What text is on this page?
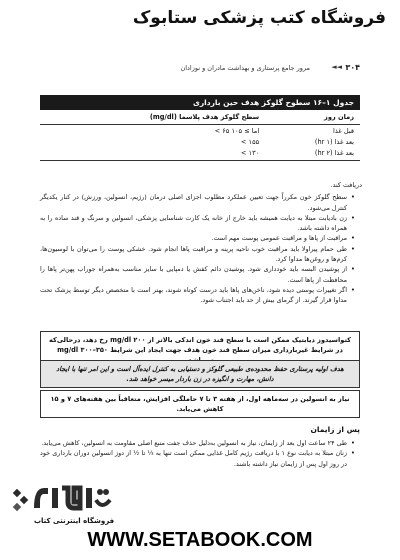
فروشگاه کتب پزشکی ستابوک
۳۰۴
◄◄
مرور جامع پرستاری و بهداشت مادران و نوزادان
جدول ۱–۱۶ سطوح گلوکز هدف حین بارداری
زمان روز	سطح گلوکز هدف پلاسما (mg/dl)
قبل غذا	< ۶۵ اما ≥ ۱۰۵
بعد غذا (۱ hr)	< ۱۵۵
بعد غذا (۲ hr)	< ۱۳۰
دریافت کند.
• سطح گلوکز خون مکرراً جهت تعیین عملکرد مطلوب اجزای اصلی درمان (رژیم، انسولین، ورزش) در کنار یکدیگر کنترل می‌شود.
• زن بادیابت مبتلا به دیابت همیشه باید خارج از خانه یک کارت شناسایی پزشکی، انسولین و سرنگ و قند ساده را به همراه داشته باشد.
• مراقبت از پاها و مراقبت عمومی پوست مهم است.
• طی حمام پیراولا باید مراقبت خوب ناحیه پرینه و مراقبت پاها انجام شود. خشکی پوست را می‌توان با لوسیون‌ها، کرم‌ها و روغن‌ها مداوا کرد.
• از پوشیدن البسه باید خودداری شود. پوشیدن دائم کفش یا دمپایی با سایز مناسب به‌همراه جوراب پهن‌تر پاها را محافظت از پاها است.
• اگر تغییرات پوستی دیده شود، ناخن‌های پاها باید درست کوتاه شوند، بهتر است با متخصص دیگر توسط پزشک تحت مداوا قرار گیرند. از گرمای بیش از حد باید اجتناب شود.
کتواسیدوز دیابتیک ممکن است با سطح قند خون اندکی بالاتر از ۲۰۰ mg/dl رخ دهد، درحالی‌که در شرایط غیربارداری میزان سطح قند خون هدف جهت ایجاد این شرایط ۳۵۰–۳۰۰ mg/dl
هدف اولیه پرستاری حفظ محدوده‌ی طبیعی گلوکز و دستیابی به کنترل ایده‌آل است و این امر تنها با ایجاد دانش، مهارت و انگیزه در زن باردار میسر خواهد شد.
نیاز به انسولین در سه‌ماهه اول، از هفته ۳ تا ۷ حاملگی افزایش، متعاقباً بین هفته‌های ۷ و ۱۵ کاهش می‌یابد.
پس از زایمان
• طی ۲۴ ساعت اول بعد از زایمان، نیاز به انسولین به‌دلیل حذف جفت منبع اصلی مقاومت به انسولین، کاهش می‌یابد.
• زنان مبتلا به دیابت نوع ۱ با دریافت رژیم کامل غذایی ممکن است تنها به ⅓ تا ½ از دوز انسولین دوران بارداری خود در روز اول پس از زایمان نیاز داشته باشند.
فروشگاه اینترنتی کتاب
WWW.SETABOOK.COM
